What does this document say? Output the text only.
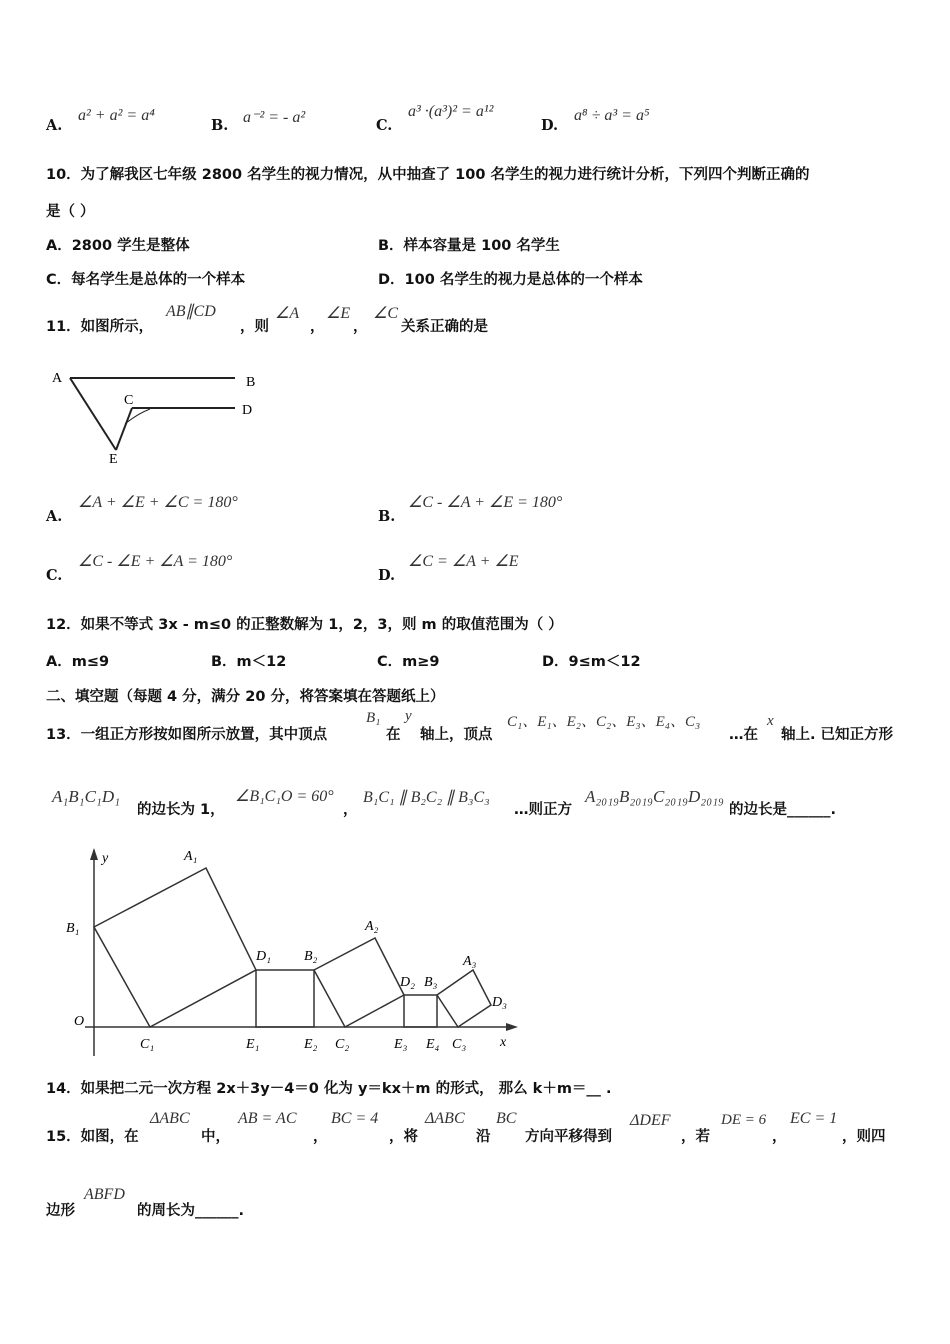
A.
a² + a² = a⁴
B. a⁻² = - a²	C.
a³ ·(a³)² = a¹²
D.
a⁸ ÷ a³ = a⁵
10．为了解我区七年级 2800 名学生的视力情况，从中抽查了 100 名学生的视力进行统计分析，下列四个判断正确的
是（ ）
A．2800 学生是整体	B．样本容量是 100 名学生
C．每名学生是总体的一个样本	D．100 名学生的视力是总体的一个样本
11．如图所示，
AB∥CD
，则
∠A
，
∠E
，
∠C
关系正确的是
A	B
C
D
E
A.
∠A + ∠E + ∠C = 180°
B.
∠C - ∠A + ∠E = 180°
C.
∠C - ∠E + ∠A = 180°
D.
∠C = ∠A + ∠E
12．如果不等式 3x - m≤0 的正整数解为 1，2，3，则 m 的取值范围为（ ）
A．m≤9	B．m＜12	C．m≥9	D．9≤m＜12
二、填空题（每题 4 分，满分 20 分，将答案填在答题纸上）
13．一组正方形按如图所示放置，其中顶点
B₁
在
y
轴上，顶点
C₁、E₁、E₂、C₂、E₃、E₄、C₃
…在
x
轴上. 已知正方形
A₁B₁C₁D₁
的边长为 1，
∠B₁C₁O = 60°
，
B₁C₁ ∥ B₂C₂ ∥ B₃C₃
…则正方
A₂₀₁₉B₂₀₁₉C₂₀₁₉D₂₀₁₉
的边长是______.
y
x
O
A₁
B₁
C₁
D₁
E₁
B₂
E₂
A₂
C₂
D₂ B₃
E₃ E₄
A₃
C₃
D₃
14．如果把二元一次方程 2x＋3y－4＝0 化为 y＝kx＋m 的形式， 那么 k＋m＝__ .
15．如图，在
ΔABC
中，
AB = AC
，
BC = 4
，将
ΔABC
沿
BC
方向平移得到
ΔDEF
，若
DE = 6
，
EC = 1
，则四
边形
ABFD
的周长为______.
